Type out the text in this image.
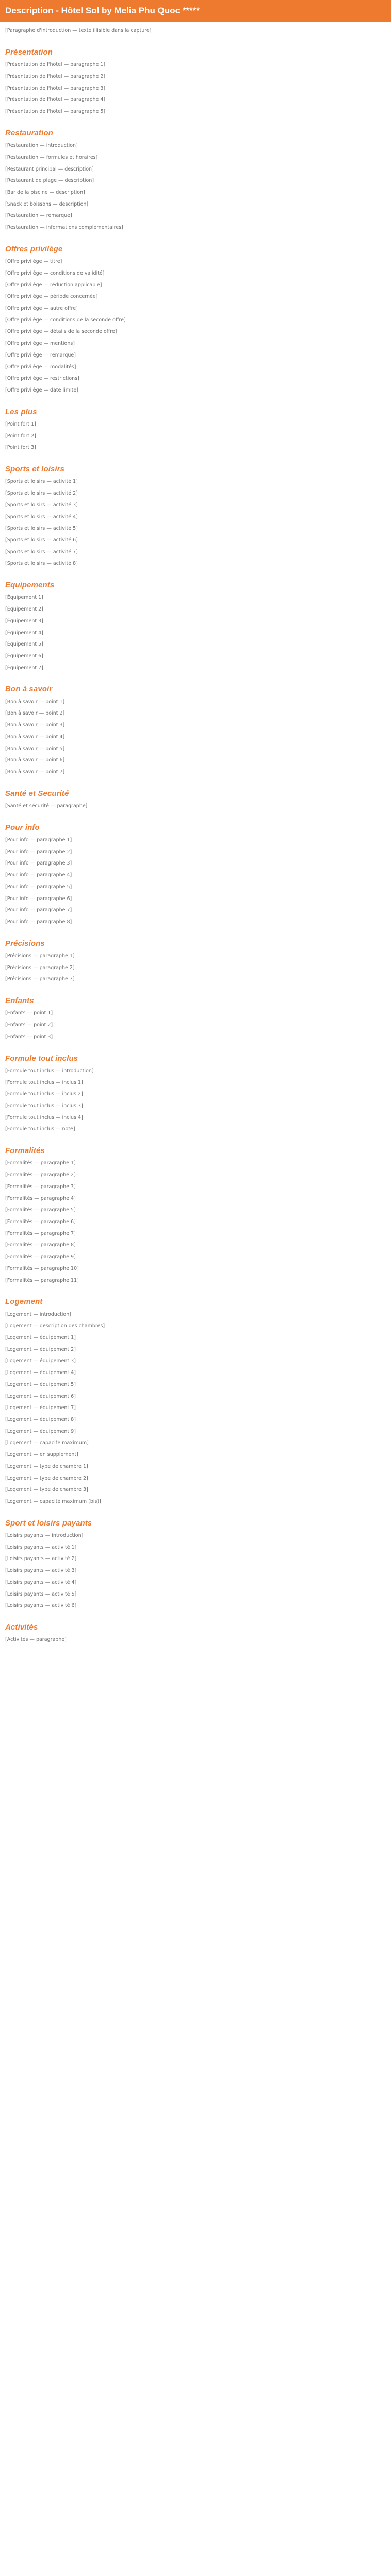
Description - Hôtel Sol by Melia Phu Quoc *****

[Paragraphe d'introduction — texte illisible dans la capture]

Présentation

[Présentation de l'hôtel — paragraphe 1]

[Présentation de l'hôtel — paragraphe 2]

[Présentation de l'hôtel — paragraphe 3]

[Présentation de l'hôtel — paragraphe 4]

[Présentation de l'hôtel — paragraphe 5]

Restauration

[Restauration — introduction]

[Restauration — formules et horaires]

[Restaurant principal — description]

[Restaurant de plage — description]

[Bar de la piscine — description]

[Snack et boissons — description]

[Restauration — remarque]

[Restauration — informations complémentaires]

Offres privilège

[Offre privilège — titre]

[Offre privilège — conditions de validité]

[Offre privilège — réduction applicable]

[Offre privilège — période concernée]

[Offre privilège — autre offre]

[Offre privilège — conditions de la seconde offre]

[Offre privilège — détails de la seconde offre]

[Offre privilège — mentions]

[Offre privilège — remarque]

[Offre privilège — modalités]

[Offre privilège — restrictions]

[Offre privilège — date limite]

Les plus

[Point fort 1]

[Point fort 2]

[Point fort 3]

Sports et loisirs

[Sports et loisirs — activité 1]

[Sports et loisirs — activité 2]

[Sports et loisirs — activité 3]

[Sports et loisirs — activité 4]

[Sports et loisirs — activité 5]

[Sports et loisirs — activité 6]

[Sports et loisirs — activité 7]

[Sports et loisirs — activité 8]

Equipements

[Équipement 1]

[Équipement 2]

[Équipement 3]

[Équipement 4]

[Équipement 5]

[Équipement 6]

[Équipement 7]

Bon à savoir

[Bon à savoir — point 1]

[Bon à savoir — point 2]

[Bon à savoir — point 3]

[Bon à savoir — point 4]

[Bon à savoir — point 5]

[Bon à savoir — point 6]

[Bon à savoir — point 7]

Santé et Securité

[Santé et sécurité — paragraphe]

Pour info

[Pour info — paragraphe 1]

[Pour info — paragraphe 2]

[Pour info — paragraphe 3]

[Pour info — paragraphe 4]

[Pour info — paragraphe 5]

[Pour info — paragraphe 6]

[Pour info — paragraphe 7]

[Pour info — paragraphe 8]

Précisions

[Précisions — paragraphe 1]

[Précisions — paragraphe 2]

[Précisions — paragraphe 3]

Enfants

[Enfants — point 1]

[Enfants — point 2]

[Enfants — point 3]

Formule tout inclus

[Formule tout inclus — introduction]

[Formule tout inclus — inclus 1]

[Formule tout inclus — inclus 2]

[Formule tout inclus — inclus 3]

[Formule tout inclus — inclus 4]

[Formule tout inclus — note]

Formalités

[Formalités — paragraphe 1]

[Formalités — paragraphe 2]

[Formalités — paragraphe 3]

[Formalités — paragraphe 4]

[Formalités — paragraphe 5]

[Formalités — paragraphe 6]

[Formalités — paragraphe 7]

[Formalités — paragraphe 8]

[Formalités — paragraphe 9]

[Formalités — paragraphe 10]

[Formalités — paragraphe 11]

Logement

[Logement — introduction]

[Logement — description des chambres]

[Logement — équipement 1]

[Logement — équipement 2]

[Logement — équipement 3]

[Logement — équipement 4]

[Logement — équipement 5]

[Logement — équipement 6]

[Logement — équipement 7]

[Logement — équipement 8]

[Logement — équipement 9]

[Logement — capacité maximum]

[Logement — en supplément]

[Logement — type de chambre 1]

[Logement — type de chambre 2]

[Logement — type de chambre 3]

[Logement — capacité maximum (bis)]

Sport et loisirs payants

[Loisirs payants — introduction]

[Loisirs payants — activité 1]

[Loisirs payants — activité 2]

[Loisirs payants — activité 3]

[Loisirs payants — activité 4]

[Loisirs payants — activité 5]

[Loisirs payants — activité 6]

Activités

[Activités — paragraphe]
